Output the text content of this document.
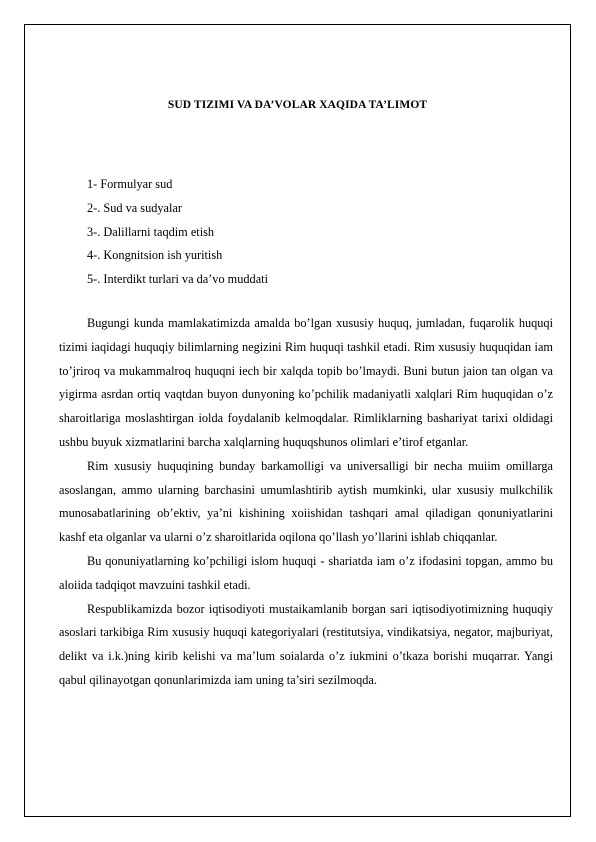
SUD TIZIMI VA DA’VOLAR XAQIDA TA’LIMOT
1- Formulyar sud
2-. Sud va sudyalar
3-. Dalillarni taqdim etish
4-. Kongnitsion ish yuritish
5-. Interdikt turlari va da’vo muddati

Bugungi kunda mamlakatimizda amalda bo’lgan xususiy huquq, jumladan, fuqarolik huquqi tizimi iaqidagi huquqiy bilimlarning negizini Rim huquqi tashkil etadi. Rim xususiy huquqidan iam to’jriroq va mukammalroq huquqni iech bir xalqda topib bo’lmaydi. Buni butun jaion tan olgan va yigirma asrdan ortiq vaqtdan buyon dunyoning ko’pchilik madaniyatli xalqlari Rim huquqidan o’z sharoitlariga moslashtirgan iolda foydalanib kelmoqdalar. Rimliklarning bashariyat tarixi oldidagi ushbu buyuk xizmatlarini barcha xalqlarning huquqshunos olimlari e’tirof etganlar.

Rim xususiy huquqining bunday barkamolligi va universalligi bir necha muiim omillarga asoslangan, ammo ularning barchasini umumlashtirib aytish mumkinki, ular xususiy mulkchilik munosabatlarining ob’ektiv, ya’ni kishining xoiishidan tashqari amal qiladigan qonuniyatlarini kashf eta olganlar va ularni o’z sharoitlarida oqilona qo’llash yo’llarini ishlab chiqqanlar.

Bu qonuniyatlarning ko’pchiligi islom huquqi - shariatda iam o’z ifodasini topgan, ammo bu aloiida tadqiqot mavzuini tashkil etadi.

Respublikamizda bozor iqtisodiyoti mustaikamlanib borgan sari iqtisodiyotimizning huquqiy asoslari tarkibiga Rim xususiy huquqi kategoriyalari (restitutsiya, vindikatsiya, negator, majburiyat, delikt va i.k.)ning kirib kelishi va ma’lum soialarda o’z iukmini o’tkaza borishi muqarrar. Yangi qabul qilinayotgan qonunlarimizda iam uning ta’siri sezilmoqda.
